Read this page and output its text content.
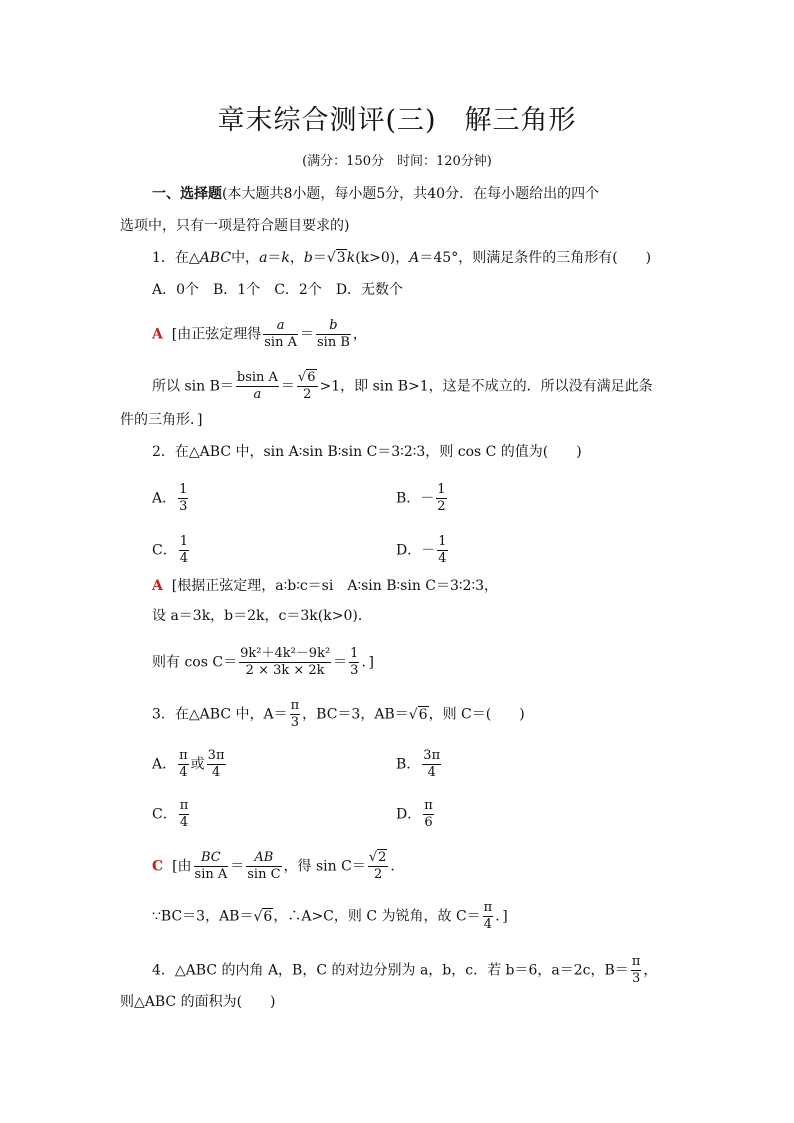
章末综合测评(三)　解三角形
(满分：150分　时间：120分钟)
一、选择题(本大题共8小题，每小题5分，共40分．在每小题给出的四个
选项中，只有一项是符合题目要求的)
1．在△ABC中，a＝k，b＝√3k(k>0)，A＝45°，则满足条件的三角形有(　　)
A．0个　B．1个　C．2个　D．无数个
A [由正弦定理得 $\frac{a}{\text{sin A}} = \frac{b}{\text{sin B}}$ ，
所以 $\sin B= \frac{\text{bsin A}}{a} = \frac{√6}{2} >1$，即 sin B>1，这是不成立的．所以没有满足此条
件的三角形．]
2．在△ABC 中，sin A∶sin B∶sin C＝3∶2∶3，则 cos C 的值为(　　)
A． $\frac{1}{3}$	B．－ $\frac{1}{2}$
C． $\frac{1}{4}$	D．－ $\frac{1}{4}$
A [根据正弦定理，a∶b∶c＝si　A∶sin B∶sin C＝3∶2∶3，
设 a＝3k，b＝2k，c＝3k(k>0)．
则有 $\cos C= \frac{\text{9k²＋4k²－9k²}}{2 \times 3k \times 2k} = \frac{1}{3}$ ．]
3．在△ABC 中，$A= \frac{\pi}{3}$ ，BC＝3，AB＝√6，则 C＝(　　)
A． $\frac{\pi}{4}$ 或 $\frac{3\pi}{4}$	B． $\frac{3\pi}{4}$
C． $\frac{\pi}{4}$	D． $\frac{\pi}{6}$
C [由 $\frac{BC}{\text{sin A}} = \frac{AB}{\text{sin C}}$ ，得 $\sin C= \frac{√2}{2}$ ．
∵BC＝3，AB＝√6，∴A>C，则 C 为锐角，故 $C= \frac{\pi}{4}$ ．]
4．△ABC 的内角 A，B，C 的对边分别为 a，b，c．若 b＝6，a＝2c，$B= \frac{\pi}{3}$ ，
则△ABC 的面积为(　　)
